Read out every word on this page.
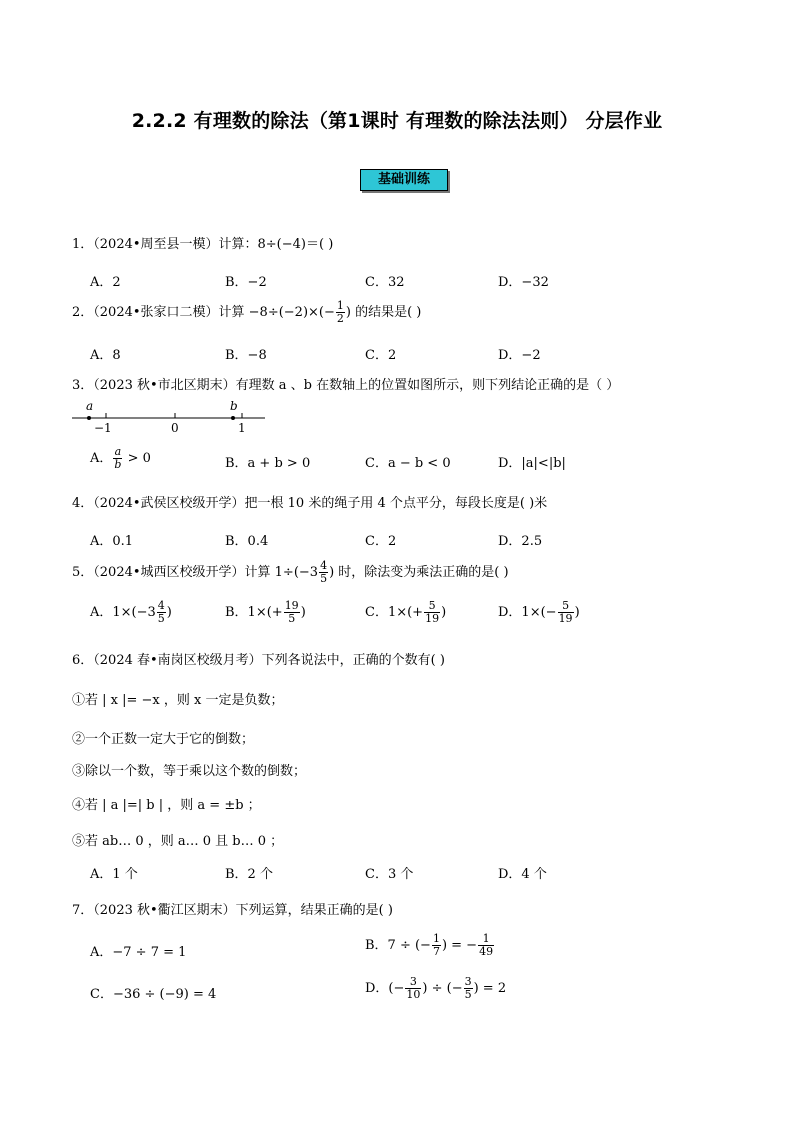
2.2.2 有理数的除法（第1课时 有理数的除法法则） 分层作业
基础训练
1．（2024•周至县一模）计算：8÷(−4)＝( )
A．2	B．−2	C．32	D．−32
2．（2024•张家口二模）计算 $-8\div(-2)\times(- \frac{1}{2}$ ) 的结果是( )
A．8	B．−8	C．2	D．−2
3．（2023 秋•市北区期末）有理数 a 、b 在数轴上的位置如图所示，则下列结论正确的是（ ）
a	b
−1	0	1
A． $\frac{a}{b} > 0$	B．a + b > 0	C．a − b < 0	D．|a|<|b|
4．（2024•武侯区校级开学）把一根 10 米的绳子用 4 个点平分，每段长度是( )米
A．0.1	B．0.4	C．2	D．2.5
5．（2024•城西区校级开学）计算 $1\div(-3 \frac{4}{5}$ ) 时，除法变为乘法正确的是( )
A．$1\times(-3 \frac{4}{5}$ )	B．$1\times(+ \frac{19}{5}$ )	C．$1\times(+ \frac{5}{19}$ )	D．$1\times(- \frac{5}{19}$ )
6．（2024 春•南岗区校级月考）下列各说法中，正确的个数有( )
①若 | x |= −x ，则 x 一定是负数；
②一个正数一定大于它的倒数；
③除以一个数，等于乘以这个数的倒数；
④若 | a |=| b | ，则 a = ±b ；
⑤若 ab… 0 ，则 a… 0 且 b… 0 ；
A．1 个	B．2 个	C．3 个	D．4 个
7．（2023 秋•衢江区期末）下列运算，结果正确的是( )
A．−7 ÷ 7 = 1	B．7 ÷ (− $\frac{1}{7}$ ) = − $\frac{1}{49}$
C．−36 ÷ (−9) = 4	D．(− $\frac{3}{10}$ ) ÷ (− $\frac{3}{5}$ ) = 2
